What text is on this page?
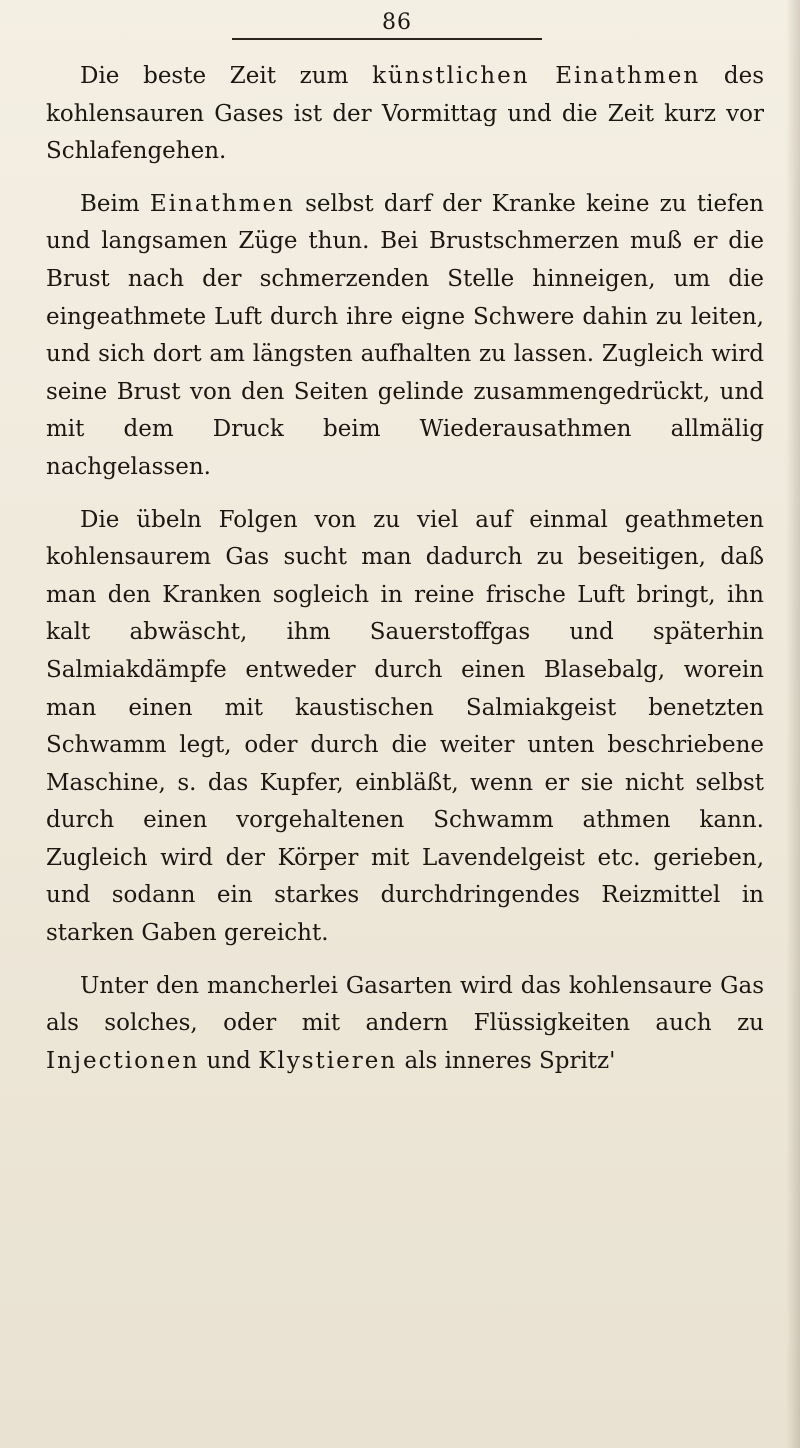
86

Die beste Zeit zum künstlichen Einathmen des kohlensauren Gases ist der Vormittag und die Zeit kurz vor Schlafengehen.

Beim Einathmen selbst darf der Kranke keine zu tiefen und langsamen Züge thun. Bei Brustschmerzen muß er die Brust nach der schmerzenden Stelle hinneigen, um die eingeathmete Luft durch ihre eigne Schwere dahin zu leiten, und sich dort am längsten aufhalten zu lassen. Zugleich wird seine Brust von den Seiten gelinde zusammengedrückt, und mit dem Druck beim Wiederausathmen allmälig nachgelassen.

Die übeln Folgen von zu viel auf einmal geathmeten kohlensaurem Gas sucht man dadurch zu beseitigen, daß man den Kranken sogleich in reine frische Luft bringt, ihn kalt abwäscht, ihm Sauerstoffgas und späterhin Salmiakdämpfe entweder durch einen Blasebalg, worein man einen mit kaustischen Salmiakgeist benetzten Schwamm legt, oder durch die weiter unten beschriebene Maschine, s. das Kupfer, einbläßt, wenn er sie nicht selbst durch einen vorgehaltenen Schwamm athmen kann. Zugleich wird der Körper mit Lavendelgeist etc. gerieben, und sodann ein starkes durchdringendes Reizmittel in starken Gaben gereicht.

Unter den mancherlei Gasarten wird das kohlensaure Gas als solches, oder mit andern Flüssigkeiten auch zu Injectionen und Klystieren als inneres Spritz'
